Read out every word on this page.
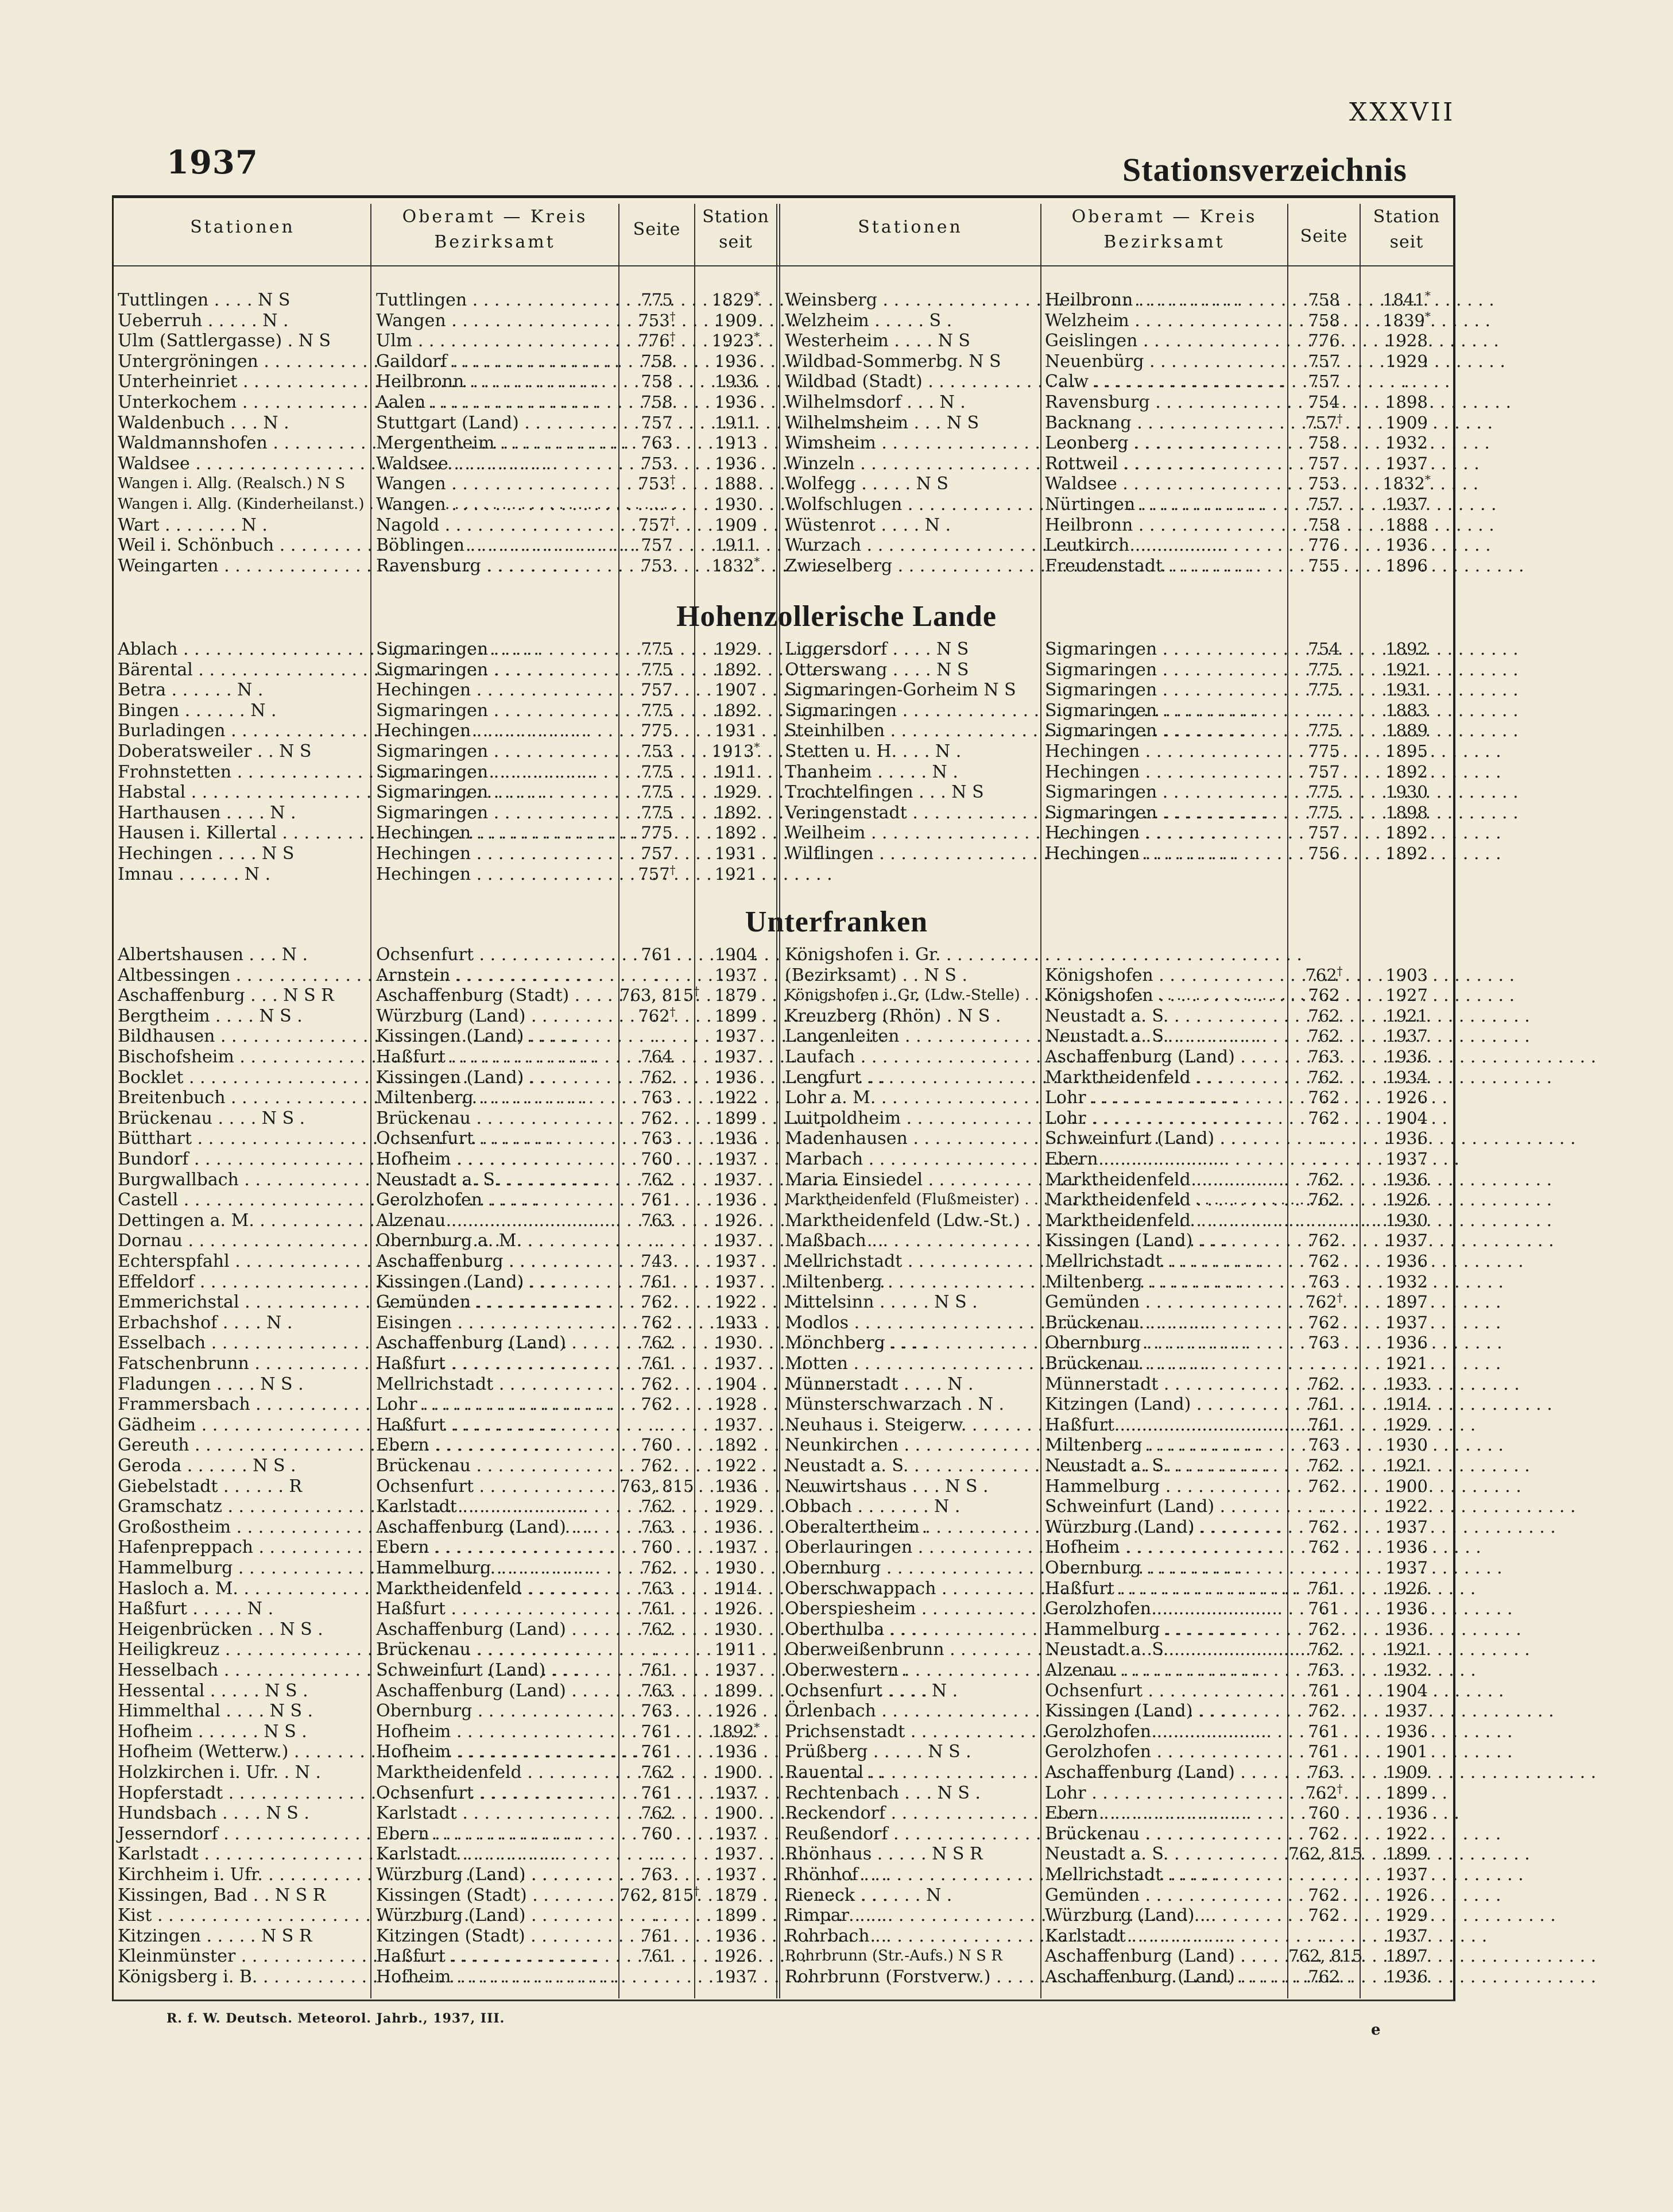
XXXVII
1937	Stationsverzeichnis
Stationen
Oberamt — Kreis
Bezirksamt
Seite
Station
seit
Stationen
Oberamt — Kreis
Bezirksamt	Seite
Station
seit
Hohenzollerische Lande
Unterfranken
Tuttlingen . . . . N S	Tuttlingen . . .	775	1829*
Ueberruh . . . . . N .	Wangen . . .	753†	1909
Ulm (Sattlergasse) . N S	Ulm . . .	776†	1923*
Untergröningen . . .	Gaildorf . . .	758	1936
Unterheinriet . . .	Heilbronn . . .	758	1936
Unterkochem . . .	Aalen . . .	758	1936
Waldenbuch . . . N .	Stuttgart (Land) . . .	757	1911
Waldmannshofen . . .	Mergentheim . . .	763	1913
Waldsee . . .	Waldsee . . .	753	1936
Wangen i. Allg. (Realsch.) N S	Wangen . . .	753†	1888
Wangen i. Allg. (Kinderheilanst.) . . . Wangen . . .	.	1930
Wart . . . . . . . N .	Nagold . . .	757†	1909
Weil i. Schönbuch . . .	Böblingen . . .	757	1911
Weingarten . . .	Ravensburg . . .	753	1832*
Weinsberg . . .	Heilbronn . . .	758	1841*
Welzheim . . . . . S .	Welzheim . . .	758	1839*
Westerheim . . . . N S	Geislingen . . .	776	1928
Wildbad-Sommerbg. N S	Neuenbürg . . .	757	1929
Wildbad (Stadt) . . .	Calw . . .	757	.
Wilhelmsdorf . . . N .	Ravensburg . . .	754	1898
Wilhelmsheim . . . N S	Backnang . . .	757†	1909
Wimsheim . . .	Leonberg . . .	758	1932
Winzeln . . .	Rottweil . . .	757	1937
Wolfegg . . . . . N S	Waldsee . . .	753	1832*
Wolfschlugen . . .	Nürtingen . . .	757	1937
Wüstenrot . . . . N .	Heilbronn . . .	758	1888
Wurzach . . .	Leutkirch . . .	776	1936
Zwieselberg . . .	Freudenstadt . . .	755	1896
Ablach . . .	Sigmaringen . . .	775	1929
Bärental . . .	Sigmaringen . . .	775	1892
Betra . . . . . . N .	Hechingen . . .	757	1907
Bingen . . . . . . N .	Sigmaringen . . .	775	1892
Burladingen . . .	Hechingen . . .	775	1931
Doberatsweiler . . N S	Sigmaringen . . .	753	1913*
Frohnstetten . . .	Sigmaringen . . .	775	1911
Habstal . . .	Sigmaringen . . .	775	1929
Harthausen . . . . N .	Sigmaringen . . .	775	1892
Hausen i. Killertal . . .	Hechingen . . .	775	1892
Hechingen . . . . N S	Hechingen . . .	757	1931
Imnau . . . . . . N .	Hechingen . . .	757†	1921
Liggersdorf . . . . N S	Sigmaringen . . .	754	1892
Otterswang . . . . N S	Sigmaringen . . .	775	1921
Sigmaringen-Gorheim N S	Sigmaringen . . .	775	1931
Sigmaringen . . .	Sigmaringen . . .	.	1883
Steinhilben . . .	Sigmaringen . . .	775	1889
Stetten u. H. . . . N .	Hechingen . . .	775	1895
Thanheim . . . . . N .	Hechingen . . .	757	1892
Trochtelfingen . . . N S	Sigmaringen . . .	775	1930
Veringenstadt . . .	Sigmaringen . . .	775	1898
Weilheim . . .	Hechingen . . .	757	1892
Wilflingen . . .	Hechingen . . .	756	1892
Albertshausen . . . N .	Ochsenfurt . . .	761	1904
Altbessingen . . .	Arnstein . . .	.	1937
Aschaffenburg . . . N S R	Aschaffenburg (Stadt) . . .	763, 815† 1879
Bergtheim . . . . N S .	Würzburg (Land) . . .	762†	1899
Bildhausen . . .	Kissingen (Land) . . .	.	1937
Bischofsheim . . .	Haßfurt . . .	764	1937
Bocklet . . .	Kissingen (Land) . . .	762	1936
Breitenbuch . . .	Miltenberg . . .	763	1922
Brückenau . . . . N S .	Brückenau . . .	762	1899
Bütthart . . .	Ochsenfurt . . .	763	1936
Bundorf . . .	Hofheim . . .	760	1937
Burgwallbach . . .	Neustadt a. S. . . .	762	1937
Castell . . .	Gerolzhofen . . .	761	1936
Dettingen a. M. . . .	Alzenau . . .	763	1926
Dornau . . .	Obernburg a. M. . . .	.	1937
Echterspfahl . . .	Aschaffenburg . . .	743	1937
Effeldorf . . .	Kissingen (Land) . . .	761	1937
Emmerichstal . . .	Gemünden . . .	762	1922
Erbachshof . . . . N .	Eisingen . . .	762	1933
Esselbach . . .	Aschaffenburg (Land) . . .	762	1930
Fatschenbrunn . . .	Haßfurt . . .	761	1937
Fladungen . . . . N S .	Mellrichstadt . . .	762	1904
Frammersbach . . .	Lohr . . .	762	1928
Gädheim . . .	Haßfurt . . .	.	1937
Gereuth . . .	Ebern . . .	760	1892
Geroda . . . . . . N S .	Brückenau . . .	762	1922
Giebelstadt . . . . . . R	Ochsenfurt . . .	763, 815	1936
Gramschatz . . .	Karlstadt . . .	762	1929
Großostheim . . .	Aschaffenburg (Land) . . .	763	1936
Hafenpreppach . . .	Ebern . . .	760	1937
Hammelburg . . .	Hammelburg . . .	762	1930
Hasloch a. M. . . .	Marktheidenfeld . . .	763	1914
Haßfurt . . . . . N .	Haßfurt . . .	761	1926
Heigenbrücken . . N S .	Aschaffenburg (Land) . . .	762	1930
Heiligkreuz . . .	Brückenau . . .	.	1911
Hesselbach . . .	Schweinfurt (Land) . . .	761	1937
Hessental . . . . . N S .	Aschaffenburg (Land) . . .	763	1899
Himmelthal . . . . N S .	Obernburg . . .	763	1926
Hofheim . . . . . . N S .	Hofheim . . .	761	1892*
Hofheim (Wetterw.) . . .	Hofheim . . .	761	1936
Holzkirchen i. Ufr. . N .	Marktheidenfeld . . .	762	1900
Hopferstadt . . .	Ochsenfurt . . .	761	1937
Hundsbach . . . . N S .	Karlstadt . . .	762	1900
Jesserndorf . . .	Ebern . . .	760	1937
Karlstadt . . .	Karlstadt . . .	.	1937
Kirchheim i. Ufr. . . .	Würzburg (Land) . . .	763	1937
Kissingen, Bad . . N S R	Kissingen (Stadt) . . .	762, 815† 1879
Kist . . .	Würzburg (Land) . . .	.	1899
Kitzingen . . . . . N S R	Kitzingen (Stadt) . . .	761	1936
Kleinmünster . . .	Haßfurt . . .	761	1926
Königsberg i. B. . . .	Hofheim . . .	.	1937
Königshofen i. Gr. . . .
(Bezirksamt) . . N S .	Königshofen . . .	762†	1903
Königshofen i. Gr. (Ldw.-Stelle) . . .	Königshofen . . .	762	1927
Kreuzberg (Rhön) . N S .	Neustadt a. S. . . .	762	1921
Langenleiten . . .	Neustadt a. S. . . .	762	1937
Laufach . . .	Aschaffenburg (Land) . . .	763	1936
Lengfurt . . .	Marktheidenfeld . . .	762	1934
Lohr a. M. . . .	Lohr . . .	762	1926
Luitpoldheim . . .	Lohr . . .	762	1904
Madenhausen . . .	Schweinfurt (Land) . . .	.	1936
Marbach . . .	Ebern . . .	.	1937
Maria Einsiedel . . .	Marktheidenfeld . . .	762	1936
Marktheidenfeld (Flußmeister) . . .	Marktheidenfeld . . .	762	1926
Marktheidenfeld (Ldw.-St.) . . .	Marktheidenfeld . . .	.	1930
Maßbach . . .	Kissingen (Land) . . .	762	1937
Mellrichstadt . . .	Mellrichstadt . . .	762	1936
Miltenberg . . .	Miltenberg . . .	763	1932
Mittelsinn . . . . . N S .	Gemünden . . .	762†	1897
Modlos . . .	Brückenau . . .	762	1937
Mönchberg . . .	Obernburg . . .	763	1936
Motten . . .	Brückenau . . .	.	1921
Münnerstadt . . . . N .	Münnerstadt . . .	762	1933
Münsterschwarzach . N .	Kitzingen (Land) . . .	761	1914
Neuhaus i. Steigerw. . . .	Haßfurt . . .	761	1929
Neunkirchen . . .	Miltenberg . . .	763	1930
Neustadt a. S. . . .	Neustadt a. S. . . .	762	1921
Neuwirtshaus . . . N S .	Hammelburg . . .	762	1900
Obbach . . . . . . . N .	Schweinfurt (Land) . . .	.	1922
Oberaltertheim . . .	Würzburg (Land) . . .	762	1937
Oberlauringen . . .	Hofheim . . .	762	1936
Obernburg . . .	Obernburg . . .	.	1937
Oberschwappach . . .	Haßfurt . . .	761	1926
Oberspiesheim . . .	Gerolzhofen . . .	761	1936
Oberthulba . . .	Hammelburg . . .	762	1936
Oberweißenbrunn . . .	Neustadt a. S. . . .	762	1921
Oberwestern . . .	Alzenau . . .	763	1932
Ochsenfurt . . . . N .	Ochsenfurt . . .	761	1904
Örlenbach . . .	Kissingen (Land) . . .	762	1937
Prichsenstadt . . .	Gerolzhofen . . .	761	1936
Prüßberg . . . . . N S .	Gerolzhofen . . .	761	1901
Rauental . . .	Aschaffenburg (Land) . . .	763	1909
Rechtenbach . . . N S .	Lohr . . .	762†	1899
Reckendorf . . .	Ebern . . .	760	1936
Reußendorf . . .	Brückenau . . .	762	1922
Rhönhaus . . . . . N S R	Neustadt a. S. . . .	762, 815	1899
Rhönhof . . .	Mellrichstadt . . .	.	1937
Rieneck . . . . . . N .	Gemünden . . .	762	1926
Rimpar . . .	Würzburg (Land) . . .	762	1929
Rohrbach . . .	Karlstadt . . .	.	1937
Rohrbrunn (Str.-Aufs.) N S R	Aschaffenburg (Land) . . .	762, 815	1897
Rohrbrunn (Forstverw.) . . .	Aschaffenburg (Land) . . .	762	1936
R. f. W. Deutsch. Meteorol. Jahrb., 1937, III.
e
